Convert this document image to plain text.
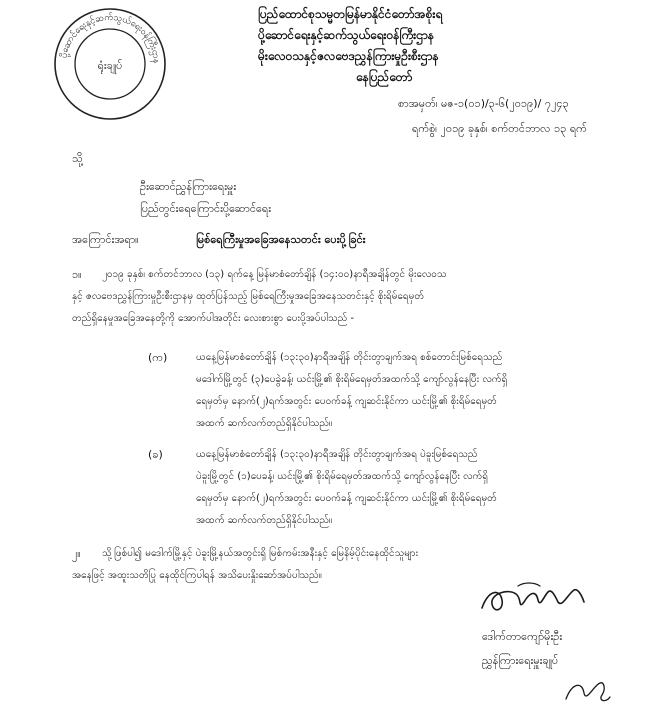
ပို့ဆောင်ရေးနှင့်ဆက်သွယ်ရေးဝန်ကြီးဌာန
ရုံးချုပ်
ပြည်ထောင်စုသမ္မတမြန်မာနိုင်ငံတော်အစိုးရ
ပို့ဆောင်ရေးနှင့်ဆက်သွယ်ရေးဝန်ကြီးဌာန
မိုးလေဝသနှင့်ဇလဗေဒညွှန်ကြားမှုဦးစီးဌာန
နေပြည်တော်
စာအမှတ်၊ မဇ-၁(၀၁)/၃-၆(၂၀၁၉)/ ၇၂၄၃
ရက်စွဲ၊ ၂၀၁၉ ခုနှစ်၊ စက်တင်ဘာလ ၁၃ ရက်
သို့
ဦးဆောင်ညွှန်ကြားရေးမှူး
ပြည်တွင်းရေကြောင်းပို့ဆောင်ရေး
အကြောင်းအရာ။	မြစ်ရေကြီးမှုအခြေအနေသတင်း ပေးပို့ခြင်း
၁။ ၂၀၁၉ ခုနှစ်၊ စက်တင်ဘာလ (၁၃) ရက်နေ့ မြန်မာစံတော်ချိန် (၁၄:၀၀)နာရီအချိန်တွင် မိုးလေဝသ
နှင့် ဇလဗေဒညွှန်ကြားမှုဦးစီးဌာနမှ ထုတ်ပြန်သည့် မြစ်ရေကြီးမှုအခြေအနေသတင်းနှင့် စိုးရိမ်ရေမှတ်
တည်ရှိနေမှုအခြေအနေတို့ကို အောက်ပါအတိုင်း လေးစားစွာ ပေးပို့အပ်ပါသည် -
(က)	ယနေ့မြန်မာစံတော်ချိန် (၁၃:၃၀)နာရီအချိန် တိုင်းတွာချက်အရ စစ်တောင်းမြစ်ရေသည်
မဒေါက်မြို့တွင် (၃)ပေခွဲခန့်၊ ယင်းမြို့၏ စိုးရိမ်ရေမှတ်အထက်သို့ ကျော်လွန်နေပြီး လက်ရှိ
ရေမှတ်မှ နောက်(၂)ရက်အတွင်း ပေ၀က်ခန့် ကျဆင်းနိုင်ကာ ယင်းမြို့၏ စိုးရိမ်ရေမှတ်
အထက် ဆက်လက်တည်ရှိနိုင်ပါသည်။
(ခ)	ယနေ့မြန်မာစံတော်ချိန် (၁၃:၃၀)နာရီအချိန် တိုင်းတွာချက်အရ ပဲခူးမြစ်ရေသည်
ပဲခူးမြို့တွင် (၁)ပေခန့်၊ ယင်းမြို့၏ စိုးရိမ်ရေမှတ်အထက်သို့ ကျော်လွန်နေပြီး လက်ရှိ
ရေမှတ်မှ နောက်(၂)ရက်အတွင်း ပေ၀က်ခန့် ကျဆင်းနိုင်ကာ ယင်းမြို့၏ စိုးရိမ်ရေမှတ်
အထက် ဆက်လက်တည်ရှိနိုင်ပါသည်။
၂။ သို့ဖြစ်ပါ၍ မဒေါက်မြို့နှင့် ပဲခူးမြို့နယ်အတွင်းရှိ မြစ်ကမ်းအနီးနှင့် မြေနိမ့်ပိုင်းနေထိုင်သူများ
အနေဖြင့် အထူးသတိပြု နေထိုင်ကြပါရန် အသိပေးနှိုးဆော်အပ်ပါသည်။
ဒေါက်တာကျော်မိုးဦး
ညွှန်ကြားရေးမှူးချုပ်
